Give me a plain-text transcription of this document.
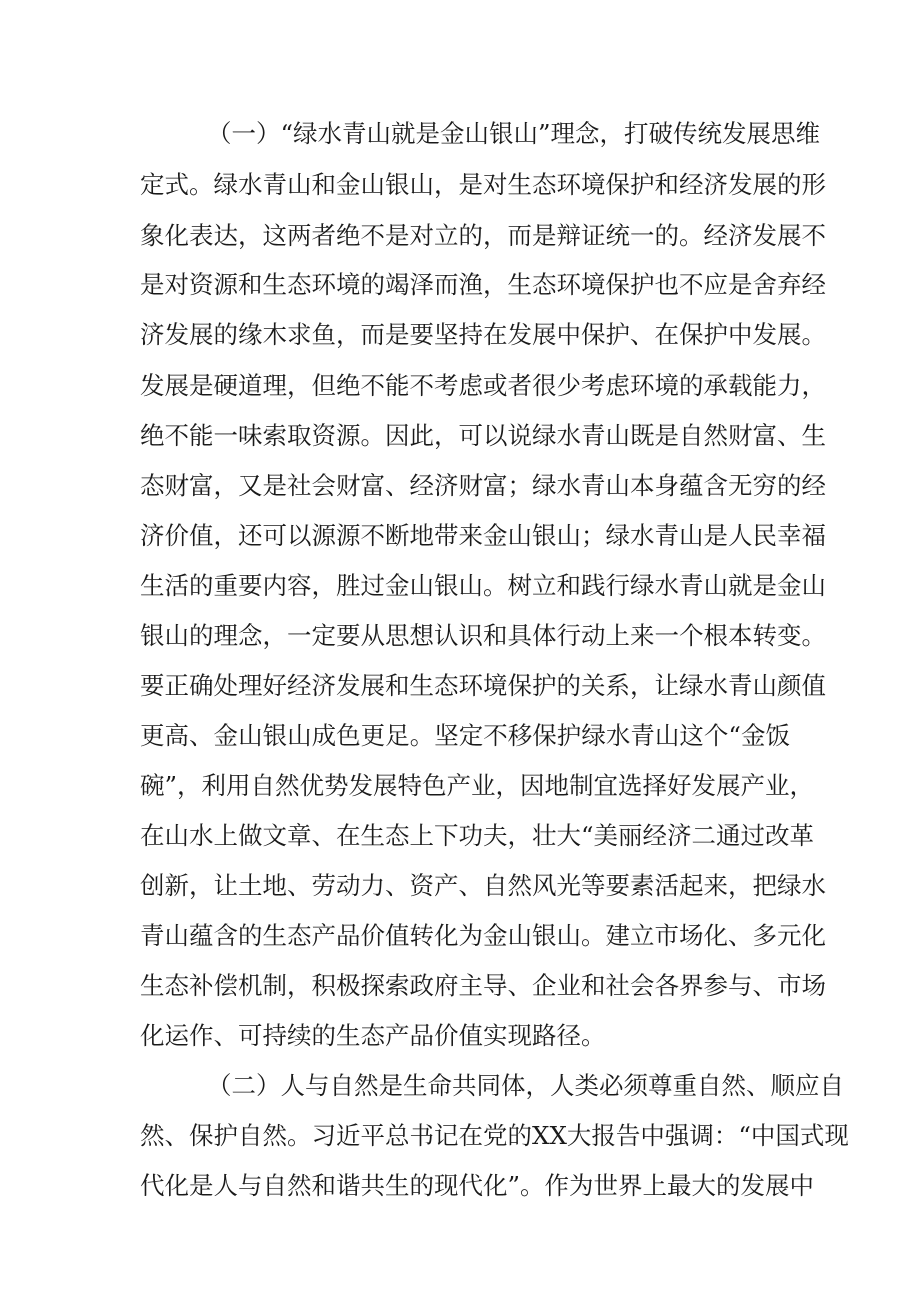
（一）“绿水青山就是金山银山”理念，打破传统发展思维
定式。绿水青山和金山银山，是对生态环境保护和经济发展的形
象化表达，这两者绝不是对立的，而是辩证统一的。经济发展不
是对资源和生态环境的竭泽而渔，生态环境保护也不应是舍弃经
济发展的缘木求鱼，而是要坚持在发展中保护、在保护中发展。
发展是硬道理，但绝不能不考虑或者很少考虑环境的承载能力，
绝不能一味索取资源。因此，可以说绿水青山既是自然财富、生
态财富，又是社会财富、经济财富；绿水青山本身蕴含无穷的经
济价值，还可以源源不断地带来金山银山；绿水青山是人民幸福
生活的重要内容，胜过金山银山。树立和践行绿水青山就是金山
银山的理念，一定要从思想认识和具体行动上来一个根本转变。
要正确处理好经济发展和生态环境保护的关系，让绿水青山颜值
更高、金山银山成色更足。坚定不移保护绿水青山这个“金饭
碗”，利用自然优势发展特色产业，因地制宜选择好发展产业，
在山水上做文章、在生态上下功夫，壮大“美丽经济二通过改革
创新，让土地、劳动力、资产、自然风光等要素活起来，把绿水
青山蕴含的生态产品价值转化为金山银山。建立市场化、多元化
生态补偿机制，积极探索政府主导、企业和社会各界参与、市场
化运作、可持续的生态产品价值实现路径。
（二）人与自然是生命共同体，人类必须尊重自然、顺应自
然、保护自然。习近平总书记在党的XX大报告中强调：“中国式现
代化是人与自然和谐共生的现代化”。作为世界上最大的发展中
